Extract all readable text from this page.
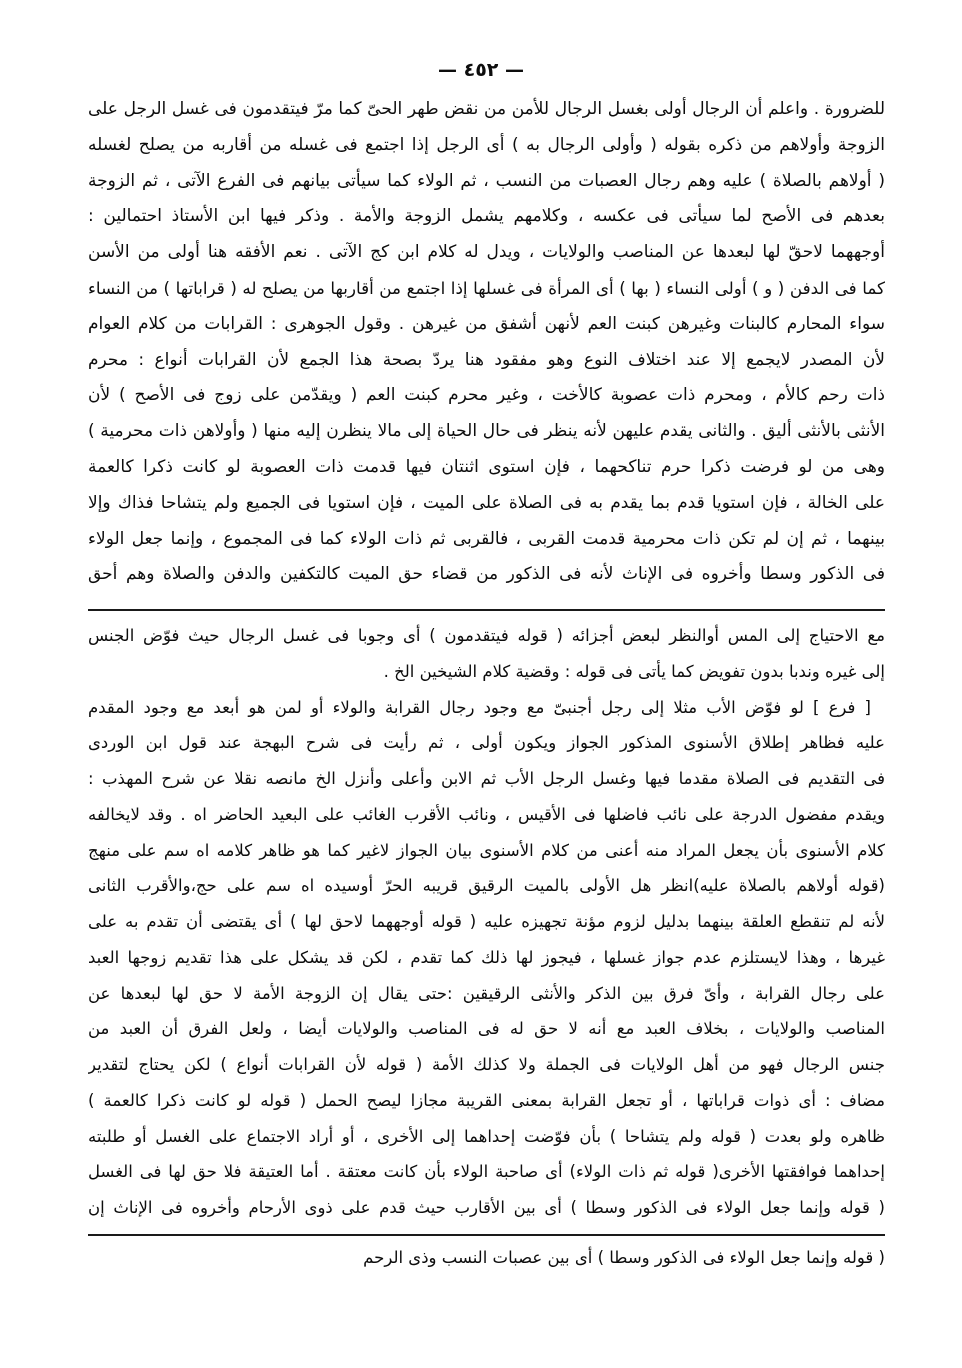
— ٤٥٢ —
للضرورة . واعلم أن الرجال أولى بغسل الرجال للأمن من نقض طهر الحىّ كما مرّ فيتقدمون فى غسل الرجل على
الزوجة وأولاهم من ذكره بقوله ( وأولى الرجال به ) أى الرجل إذا اجتمع فى غسله من أقاربه من يصلح لغسله
( أولاهم بالصلاة ) عليه وهم رجال العصبات من النسب ، ثم الولاء كما سيأتى بيانهم فى الفرع الآتى ، ثم الزوجة
بعدهم فى الأصح لما سيأتى فى عكسه ، وكلامهم يشمل الزوجة والأمة . وذكر فيها ابن الأستاذ احتمالين :
أوجههما لاحقّ لها لبعدها عن المناصب والولايات ، ويدل له كلام ابن كج الآتى . نعم الأفقه هنا أولى من الأسن
كما فى الدفن ( و ) أولى النساء ( بها ) أى المرأة فى غسلها إذا اجتمع من أقاربها من يصلح له ( قراباتها ) من النساء
سواء المحارم كالبنات وغيرهن كبنت العم لأنهن أشفق من غيرهن . وقول الجوهرى : القرابات من كلام العوام
لأن المصدر لايجمع إلا عند اختلاف النوع وهو مفقود هنا يردّ بصحة هذا الجمع لأن القرابات أنواع : محرم
ذات رحم كالأم ، ومحرم ذات عصوبة كالأخت ، وغير محرم كبنت العم ( ويقدّمن على زوج فى الأصح ) لأن
الأنثى بالأنثى أليق . والثانى يقدم عليهن لأنه ينظر فى حال الحياة إلى مالا ينظرن إليه منها ( وأولاهن ذات محرمية )
وهى من لو فرضت ذكرا حرم تناكحهما ، فإن استوى اثنتان فيها قدمت ذات العصوبة لو كانت ذكرا كالعمة
على الخالة ، فإن استويا قدم بما يقدم به فى الصلاة على الميت ، فإن استويا فى الجميع ولم يتشاحا فذاك وإلا
بينهما ، ثم إن لم تكن ذات محرمية قدمت القربى ، فالقربى ثم ذات الولاء كما فى المجموع ، وإنما جعل الولاء
فى الذكور وسطا وأخروه فى الإناث لأنه فى الذكور من قضاء حق الميت كالتكفين والدفن والصلاة وهم أحق
مع الاحتياج إلى المس أوالنظر لبعض أجزائه ( قوله فيتقدمون ) أى وجوبا فى غسل الرجال حيث فوّض الجنس
إلى غيره وندبا بدون تفويض كما يأتى فى قوله : وقضية كلام الشيخين الخ .
[ فرع ] لو فوّض الأب مثلا إلى رجل أجنبىّ مع وجود رجال القرابة والولاء أو لمن هو أبعد مع وجود المقدم
عليه فظاهر إطلاق الأسنوى المذكور الجواز ويكون أولى ، ثم رأيت فى شرح البهجة عند قول ابن الوردى
فى التقديم فى الصلاة مقدما فيها وغسل الرجل الأب ثم الابن وأعلى وأنزل الخ مانصه نقلا عن شرح المهذب :
ويقدم مفضول الدرجة على نائب فاضلها فى الأقيس ، ونائب الأقرب الغائب على البعيد الحاضر اه . وقد لايخالفه
كلام الأسنوى بأن يجعل المراد منه أعنى من كلام الأسنوى بيان الجواز لاغير كما هو ظاهر كلامه اه سم على منهج
(قوله أولاهم بالصلاة عليه)انظر هل الأولى بالميت الرقيق قريبه الحرّ أوسيده اه سم على حج،والأقرب الثانى
لأنه لم تنقطع العلقة بينهما بدليل لزوم مؤنة تجهيزه عليه ( قوله أوجههما لاحق لها ) أى يقتضى أن تقدم به على
غيرها ، وهذا لايستلزم عدم جواز غسلها ، فيجوز لها ذلك كما تقدم ، لكن قد يشكل على هذا تقديم زوجها العبد
على رجال القرابة ، وأىّ فرق بين الذكر والأنثى الرقيقين :حتى يقال إن الزوجة الأمة لا حق لها لبعدها عن
المناصب والولايات ، بخلاف العبد مع أنه لا حق له فى المناصب والولايات أيضا ، ولعل الفرق أن العبد من
جنس الرجال فهو من أهل الولايات فى الجملة ولا كذلك الأمة ( قوله لأن القرابات أنواع ) لكن يحتاج لتقدير
مضاف : أى ذوات قراباتها ، أو تجعل القرابة بمعنى القريبة مجازا ليصح الحمل ( قوله لو كانت ذكرا كالعمة )
ظاهره ولو بعدت ( قوله ولم يتشاحا ) بأن فوّضت إحداهما إلى الأخرى ، أو أراد الاجتماع على الغسل أو طلبته
إحداهما فوافقتها الأخرى( قوله ثم ذات الولاء) أى صاحبة الولاء بأن كانت معتقة . أما العتيقة فلا حق لها فى الغسل
( قوله وإنما جعل الولاء فى الذكور وسطا ) أى بين الأقارب حيث قدم على ذوى الأرحام وأخروه فى الإناث إن
( قوله وإنما جعل الولاء فى الذكور وسطا ) أى بين عصبات النسب وذى الرحم
